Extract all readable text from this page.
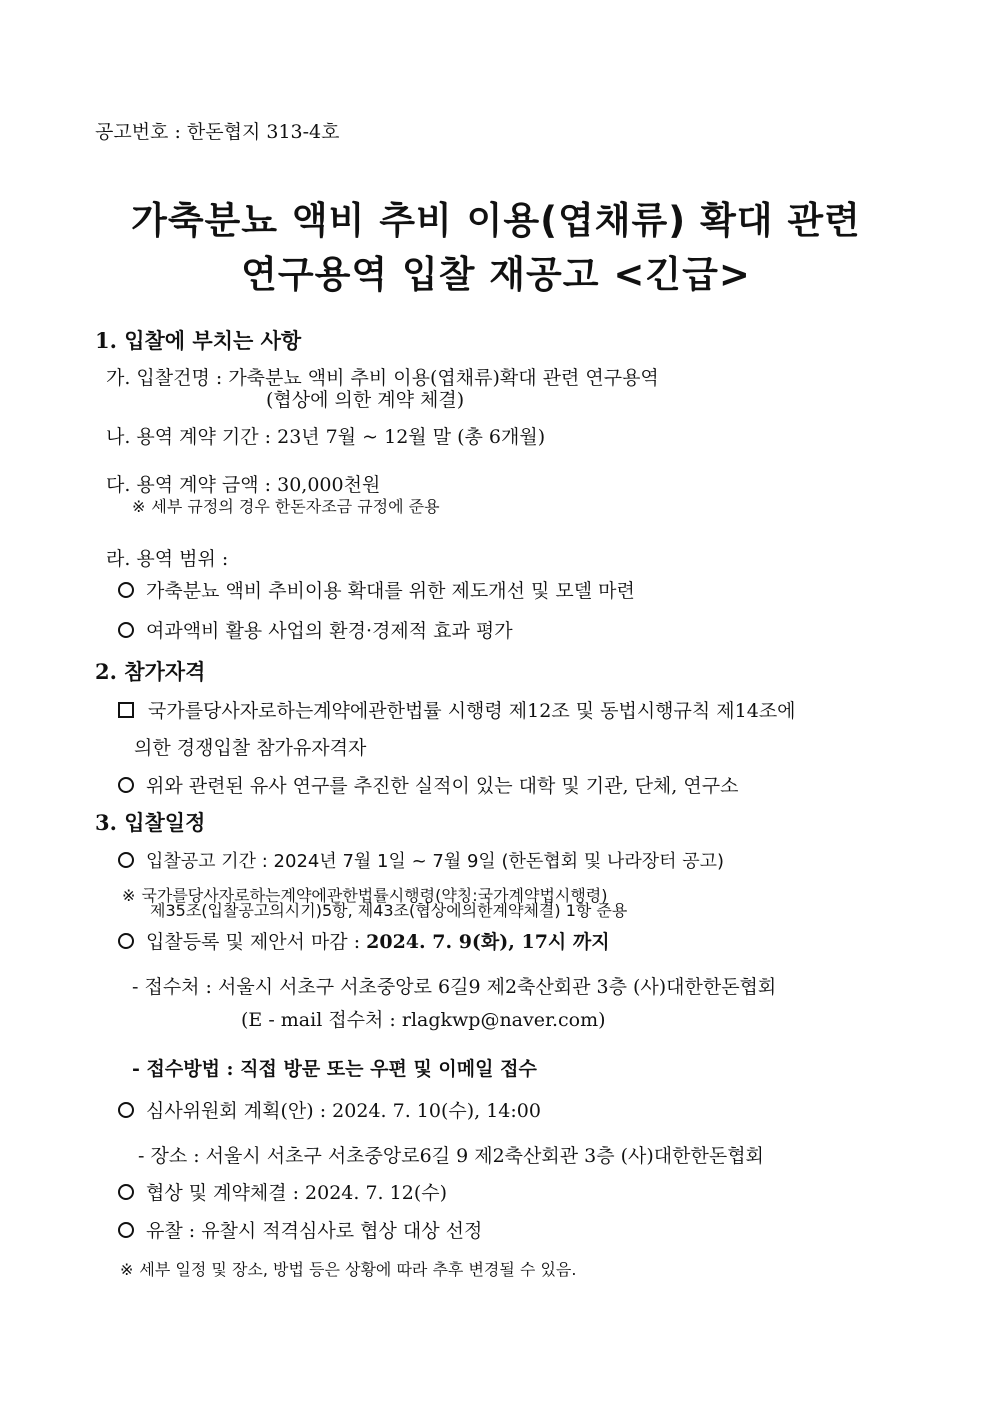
공고번호 : 한돈협지 313-4호
가축분뇨 액비 추비 이용(엽채류) 확대 관련
연구용역 입찰 재공고 <긴급>
1. 입찰에 부치는 사항
가. 입찰건명 : 가축분뇨 액비 추비 이용(엽채류)확대 관련 연구용역
(협상에 의한 계약 체결)
나. 용역 계약 기간 : 23년 7월 ~ 12월 말 (총 6개월)
다. 용역 계약 금액 : 30,000천원
※ 세부 규정의 경우 한돈자조금 규정에 준용
라. 용역 범위 :
가축분뇨 액비 추비이용 확대를 위한 제도개선 및 모델 마련
여과액비 활용 사업의 환경·경제적 효과 평가
2. 참가자격
국가를당사자로하는계약에관한법률 시행령 제12조 및 동법시행규칙 제14조에
의한 경쟁입찰 참가유자격자
위와 관련된 유사 연구를 추진한 실적이 있는 대학 및 기관, 단체, 연구소
3. 입찰일정
입찰공고 기간 : 2024년 7월 1일 ~ 7월 9일 (한돈협회 및 나라장터 공고)
※ 국가를당사자로하는계약에관한법률시행령(약칭:국가계약법시행령)
제35조(입찰공고의시기)5항, 제43조(협상에의한계약체결) 1항 준용
입찰등록 및 제안서 마감 : 2024. 7. 9(화), 17시 까지
- 접수처 : 서울시 서초구 서초중앙로 6길9 제2축산회관 3층 (사)대한한돈협회
(E - mail 접수처 : rlagkwp@naver.com)
- 접수방법 : 직접 방문 또는 우편 및 이메일 접수
심사위원회 계획(안) : 2024. 7. 10(수), 14:00
- 장소 : 서울시 서초구 서초중앙로6길 9 제2축산회관 3층 (사)대한한돈협회
협상 및 계약체결 : 2024. 7. 12(수)
유찰 : 유찰시 적격심사로 협상 대상 선정
※ 세부 일정 및 장소, 방법 등은 상황에 따라 추후 변경될 수 있음.
